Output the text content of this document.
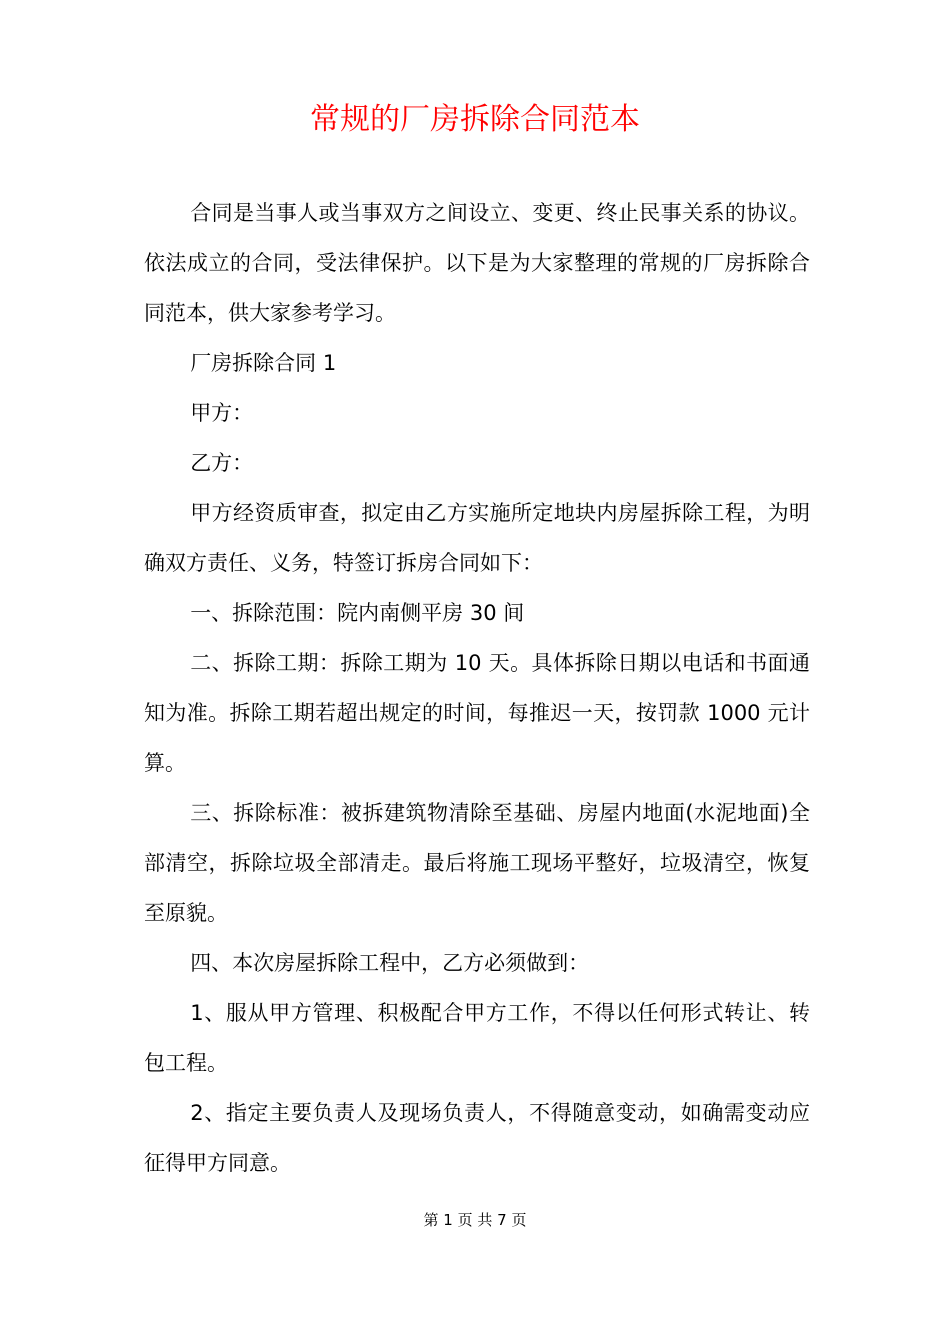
常规的厂房拆除合同范本

合同是当事人或当事双方之间设立、变更、终止民事关系的协议。依法成立的合同，受法律保护。以下是为大家整理的常规的厂房拆除合同范本，供大家参考学习。

厂房拆除合同 1

甲方：

乙方：

甲方经资质审查，拟定由乙方实施所定地块内房屋拆除工程，为明确双方责任、义务，特签订拆房合同如下：

一、拆除范围：院内南侧平房 30 间

二、拆除工期：拆除工期为 10 天。具体拆除日期以电话和书面通知为准。拆除工期若超出规定的时间，每推迟一天，按罚款 1000 元计算。

三、拆除标准：被拆建筑物清除至基础、房屋内地面(水泥地面)全部清空，拆除垃圾全部清走。最后将施工现场平整好，垃圾清空，恢复至原貌。

四、本次房屋拆除工程中，乙方必须做到：

1、服从甲方管理、积极配合甲方工作，不得以任何形式转让、转包工程。

2、指定主要负责人及现场负责人，不得随意变动，如确需变动应征得甲方同意。

第 1 页 共 7 页
